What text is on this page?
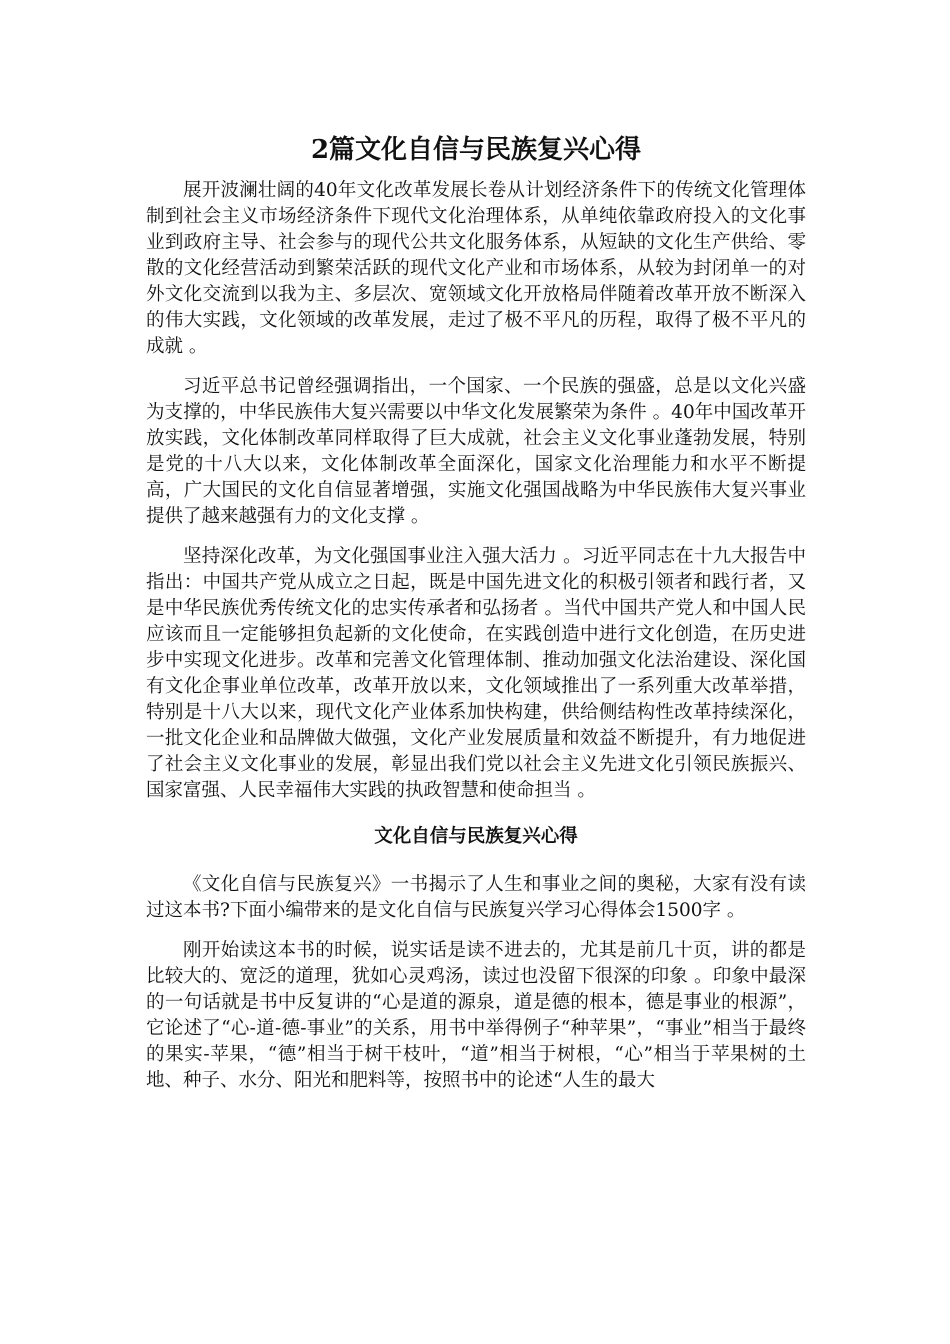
2篇文化自信与民族复兴心得

展开波澜壮阔的40年文化改革发展长卷从计划经济条件下的传统文化管理体制到社会主义市场经济条件下现代文化治理体系，从单纯依靠政府投入的文化事业到政府主导、社会参与的现代公共文化服务体系，从短缺的文化生产供给、零散的文化经营活动到繁荣活跃的现代文化产业和市场体系，从较为封闭单一的对外文化交流到以我为主、多层次、宽领域文化开放格局伴随着改革开放不断深入的伟大实践，文化领域的改革发展，走过了极不平凡的历程，取得了极不平凡的成就 。

习近平总书记曾经强调指出，一个国家、一个民族的强盛，总是以文化兴盛为支撑的，中华民族伟大复兴需要以中华文化发展繁荣为条件 。40年中国改革开放实践，文化体制改革同样取得了巨大成就，社会主义文化事业蓬勃发展，特别是党的十八大以来，文化体制改革全面深化，国家文化治理能力和水平不断提高，广大国民的文化自信显著增强，实施文化强国战略为中华民族伟大复兴事业提供了越来越强有力的文化支撑 。

坚持深化改革，为文化强国事业注入强大活力 。习近平同志在十九大报告中指出：中国共产党从成立之日起，既是中国先进文化的积极引领者和践行者，又是中华民族优秀传统文化的忠实传承者和弘扬者 。当代中国共产党人和中国人民应该而且一定能够担负起新的文化使命，在实践创造中进行文化创造，在历史进步中实现文化进步。改革和完善文化管理体制、推动加强文化法治建设、深化国有文化企事业单位改革，改革开放以来，文化领域推出了一系列重大改革举措，特别是十八大以来，现代文化产业体系加快构建，供给侧结构性改革持续深化，一批文化企业和品牌做大做强，文化产业发展质量和效益不断提升，有力地促进了社会主义文化事业的发展，彰显出我们党以社会主义先进文化引领民族振兴、国家富强、人民幸福伟大实践的执政智慧和使命担当 。

文化自信与民族复兴心得

《文化自信与民族复兴》一书揭示了人生和事业之间的奥秘，大家有没有读过这本书?下面小编带来的是文化自信与民族复兴学习心得体会1500字 。

刚开始读这本书的时候，说实话是读不进去的，尤其是前几十页，讲的都是比较大的、宽泛的道理，犹如心灵鸡汤，读过也没留下很深的印象 。印象中最深的一句话就是书中反复讲的“心是道的源泉，道是德的根本，德是事业的根源”，它论述了“心-道-德-事业”的关系，用书中举得例子“种苹果”，“事业”相当于最终的果实-苹果，“德”相当于树干枝叶，“道”相当于树根，“心”相当于苹果树的土地、种子、水分、阳光和肥料等，按照书中的论述“人生的最大
